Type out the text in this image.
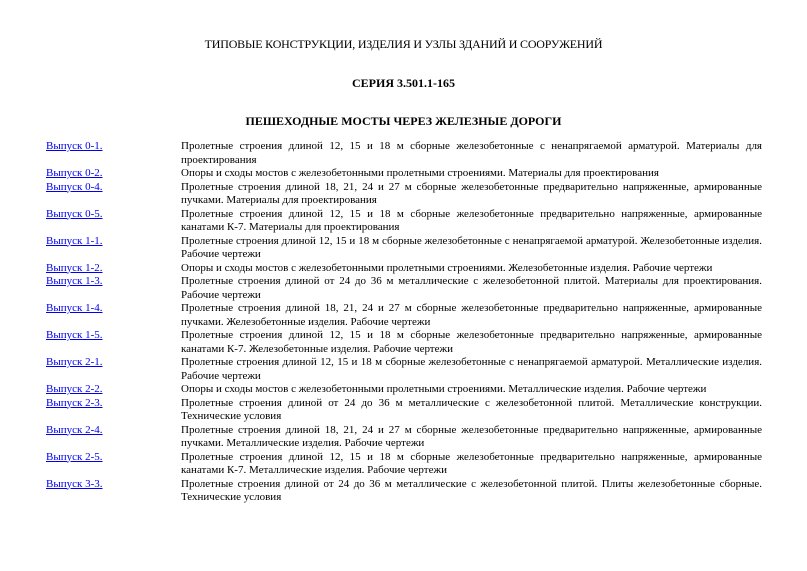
ТИПОВЫЕ КОНСТРУКЦИИ, ИЗДЕЛИЯ И УЗЛЫ ЗДАНИЙ И СООРУЖЕНИЙ
СЕРИЯ 3.501.1-165
ПЕШЕХОДНЫЕ МОСТЫ ЧЕРЕЗ ЖЕЛЕЗНЫЕ ДОРОГИ
Выпуск 0-1.	Пролетные строения длиной 12, 15 и 18 м сборные железобетонные с ненапрягаемой арматурой. Материалы для проектирования
Выпуск 0-2.	Опоры и сходы мостов с железобетонными пролетными строениями. Материалы для проектирования
Выпуск 0-4.	Пролетные строения длиной 18, 21, 24 и 27 м сборные железобетонные предварительно напряженные, армированные пучками. Материалы для проектирования
Выпуск 0-5.	Пролетные строения длиной 12, 15 и 18 м сборные железобетонные предварительно напряженные, армированные канатами К-7. Материалы для проектирования
Выпуск 1-1.	Пролетные строения длиной 12, 15 и 18 м сборные железобетонные с ненапрягаемой арматурой. Железобетонные изделия. Рабочие чертежи
Выпуск 1-2.	Опоры и сходы мостов с железобетонными пролетными строениями. Железобетонные изделия. Рабочие чертежи
Выпуск 1-3.	Пролетные строения длиной от 24 до 36 м металлические с железобетонной плитой. Материалы для проектирования. Рабочие чертежи
Выпуск 1-4.	Пролетные строения длиной 18, 21, 24 и 27 м сборные железобетонные предварительно напряженные, армированные пучками. Железобетонные изделия. Рабочие чертежи
Выпуск 1-5.	Пролетные строения длиной 12, 15 и 18 м сборные железобетонные предварительно напряженные, армированные канатами К-7. Железобетонные изделия. Рабочие чертежи
Выпуск 2-1.	Пролетные строения длиной 12, 15 и 18 м сборные железобетонные с ненапрягаемой арматурой. Металлические изделия. Рабочие чертежи
Выпуск 2-2.	Опоры и сходы мостов с железобетонными пролетными строениями. Металлические изделия. Рабочие чертежи
Выпуск 2-3.	Пролетные строения длиной от 24 до 36 м металлические с железобетонной плитой. Металлические конструкции. Технические условия
Выпуск 2-4.	Пролетные строения длиной 18, 21, 24 и 27 м сборные железобетонные предварительно напряженные, армированные пучками. Металлические изделия. Рабочие чертежи
Выпуск 2-5.	Пролетные строения длиной 12, 15 и 18 м сборные железобетонные предварительно напряженные, армированные канатами К-7. Металлические изделия. Рабочие чертежи
Выпуск 3-3.	Пролетные строения длиной от 24 до 36 м металлические с железобетонной плитой. Плиты железобетонные сборные. Технические условия
